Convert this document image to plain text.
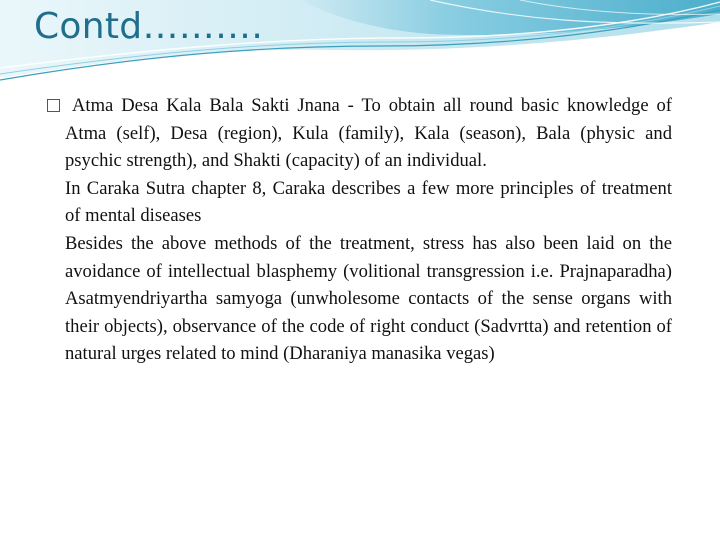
Contd……….

Atma Desa Kala Bala Sakti Jnana - To obtain all round basic knowledge of Atma (self), Desa (region), Kula (family), Kala (season), Bala (physic and psychic strength), and Shakti (capacity) of an individual.

In Caraka Sutra chapter 8, Caraka describes a few more principles of treatment of mental diseases

Besides the above methods of the treatment, stress has also been laid on the avoidance of intellectual blasphemy (volitional transgression i.e. Prajnaparadha) Asatmyendriyartha samyoga (unwholesome contacts of the sense organs with their objects), observance of the code of right conduct (Sadvrtta) and retention of natural urges related to mind (Dharaniya manasika vegas)
